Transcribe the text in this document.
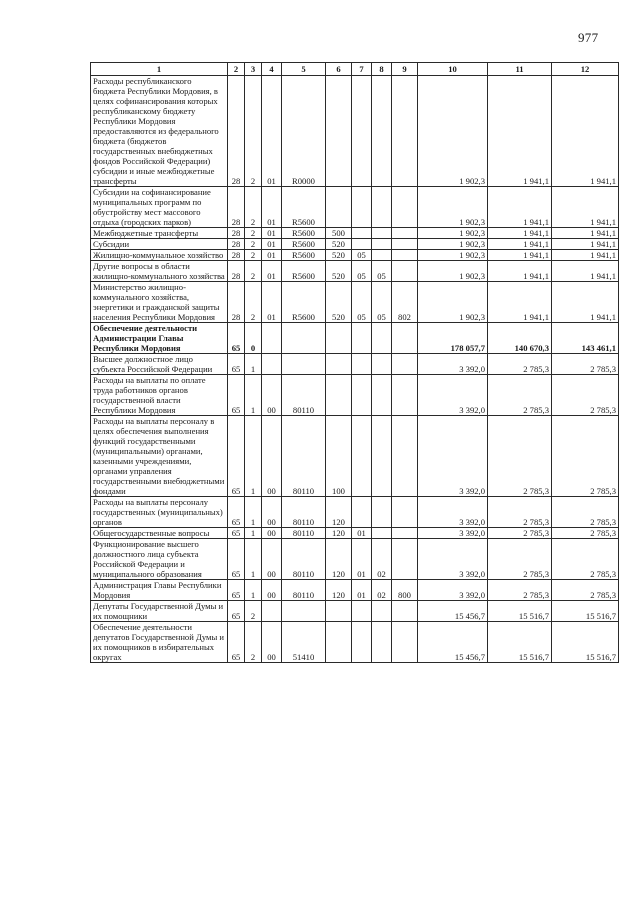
977
1	2	3	4	5	6	7	8	9	10	11	12
Расходы республиканского бюджета Республики Мордовия, в целях софинансирования которых республиканскому бюджету Республики Мордовия предоставляются из федерального бюджета (бюджетов государственных внебюджетных фондов Российской Федерации) субсидии и иные межбюджетные трансферты	28	2	01	R0000					1 902,3	1 941,1	1 941,1
Субсидии на софинансирование муниципальных программ по обустройству мест массового отдыха (городских парков)	28	2	01	R5600					1 902,3	1 941,1	1 941,1
Межбюджетные трансферты	28	2	01	R5600	500				1 902,3	1 941,1	1 941,1
Субсидии	28	2	01	R5600	520				1 902,3	1 941,1	1 941,1
Жилищно-коммунальное хозяйство	28	2	01	R5600	520	05			1 902,3	1 941,1	1 941,1
Другие вопросы в области жилищно-коммунального хозяйства	28	2	01	R5600	520	05	05		1 902,3	1 941,1	1 941,1
Министерство жилищно-коммунального хозяйства, энергетики и гражданской защиты населения Республики Мордовия	28	2	01	R5600	520	05	05	802	1 902,3	1 941,1	1 941,1
Обеспечение деятельности Администрации Главы Республики Мордовия	65	0							178 057,7	140 670,3	143 461,1
Высшее должностное лицо субъекта Российской Федерации	65	1							3 392,0	2 785,3	2 785,3
Расходы на выплаты по оплате труда работников органов государственной власти Республики Мордовия	65	1	00	80110					3 392,0	2 785,3	2 785,3
Расходы на выплаты персоналу в целях обеспечения выполнения функций государственными (муниципальными) органами, казенными учреждениями, органами управления государственными внебюджетными фондами	65	1	00	80110	100				3 392,0	2 785,3	2 785,3
Расходы на выплаты персоналу государственных (муниципальных) органов	65	1	00	80110	120				3 392,0	2 785,3	2 785,3
Общегосударственные вопросы	65	1	00	80110	120	01			3 392,0	2 785,3	2 785,3
Функционирование высшего должностного лица субъекта Российской Федерации и муниципального образования	65	1	00	80110	120	01	02		3 392,0	2 785,3	2 785,3
Администрация Главы Республики Мордовия	65	1	00	80110	120	01	02	800	3 392,0	2 785,3	2 785,3
Депутаты Государственной Думы и их помощники	65	2							15 456,7	15 516,7	15 516,7
Обеспечение деятельности депутатов Государственной Думы и их помощников в избирательных округах	65	2	00	51410					15 456,7	15 516,7	15 516,7
